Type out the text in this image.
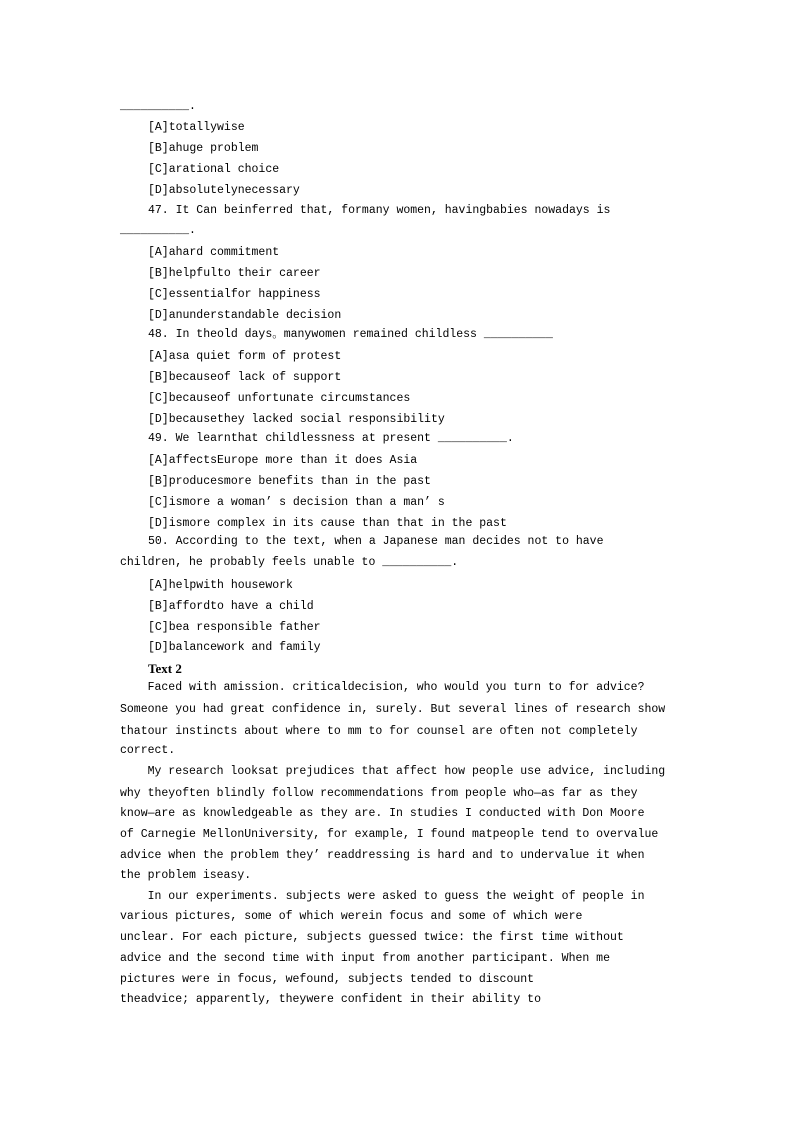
__________.
[A]totallywise
[B]ahuge problem
[C]arational choice
[D]absolutelynecessary
47. It Can beinferred that, formany women, havingbabies nowadays is
__________.
[A]ahard commitment
[B]helpfulto their career
[C]essentialfor happiness
[D]anunderstandable decision
48. In theold days。manywomen remained childless __________
[A]asa quiet form of protest
[B]becauseof lack of support
[C]becauseof unfortunate circumstances
[D]becausethey lacked social responsibility
49. We learnthat childlessness at present __________.
[A]affectsEurope more than it does Asia
[B]producesmore benefits than in the past
[C]ismore a woman’ s decision than a man’ s
[D]ismore complex in its cause than that in the past
50. According to the text, when a Japanese man decides not to have
children, he probably feels unable to __________.
[A]helpwith housework
[B]affordto have a child
[C]bea responsible father
[D]balancework and family
Text 2
Faced with amission. criticaldecision, who would you turn to for advice?
Someone you had great confidence in, surely. But several lines of research show
thatour instincts about where to mm to for counsel are often not completely
correct.
My research looksat prejudices that affect how people use advice, including
why theyoften blindly follow recommendations from people who—as far as they
know—are as knowledgeable as they are. In studies I conducted with Don Moore
of Carnegie MellonUniversity, for example, I found matpeople tend to overvalue
advice when the problem they’ readdressing is hard and to undervalue it when
the problem iseasy.
In our experiments. subjects were asked to guess the weight of people in
various pictures, some of which werein focus and some of which were
unclear. For each picture, subjects guessed twice: the first time without
advice and the second time with input from another participant. When me
pictures were in focus, wefound, subjects tended to discount
theadvice; apparently, theywere confident in their ability to
